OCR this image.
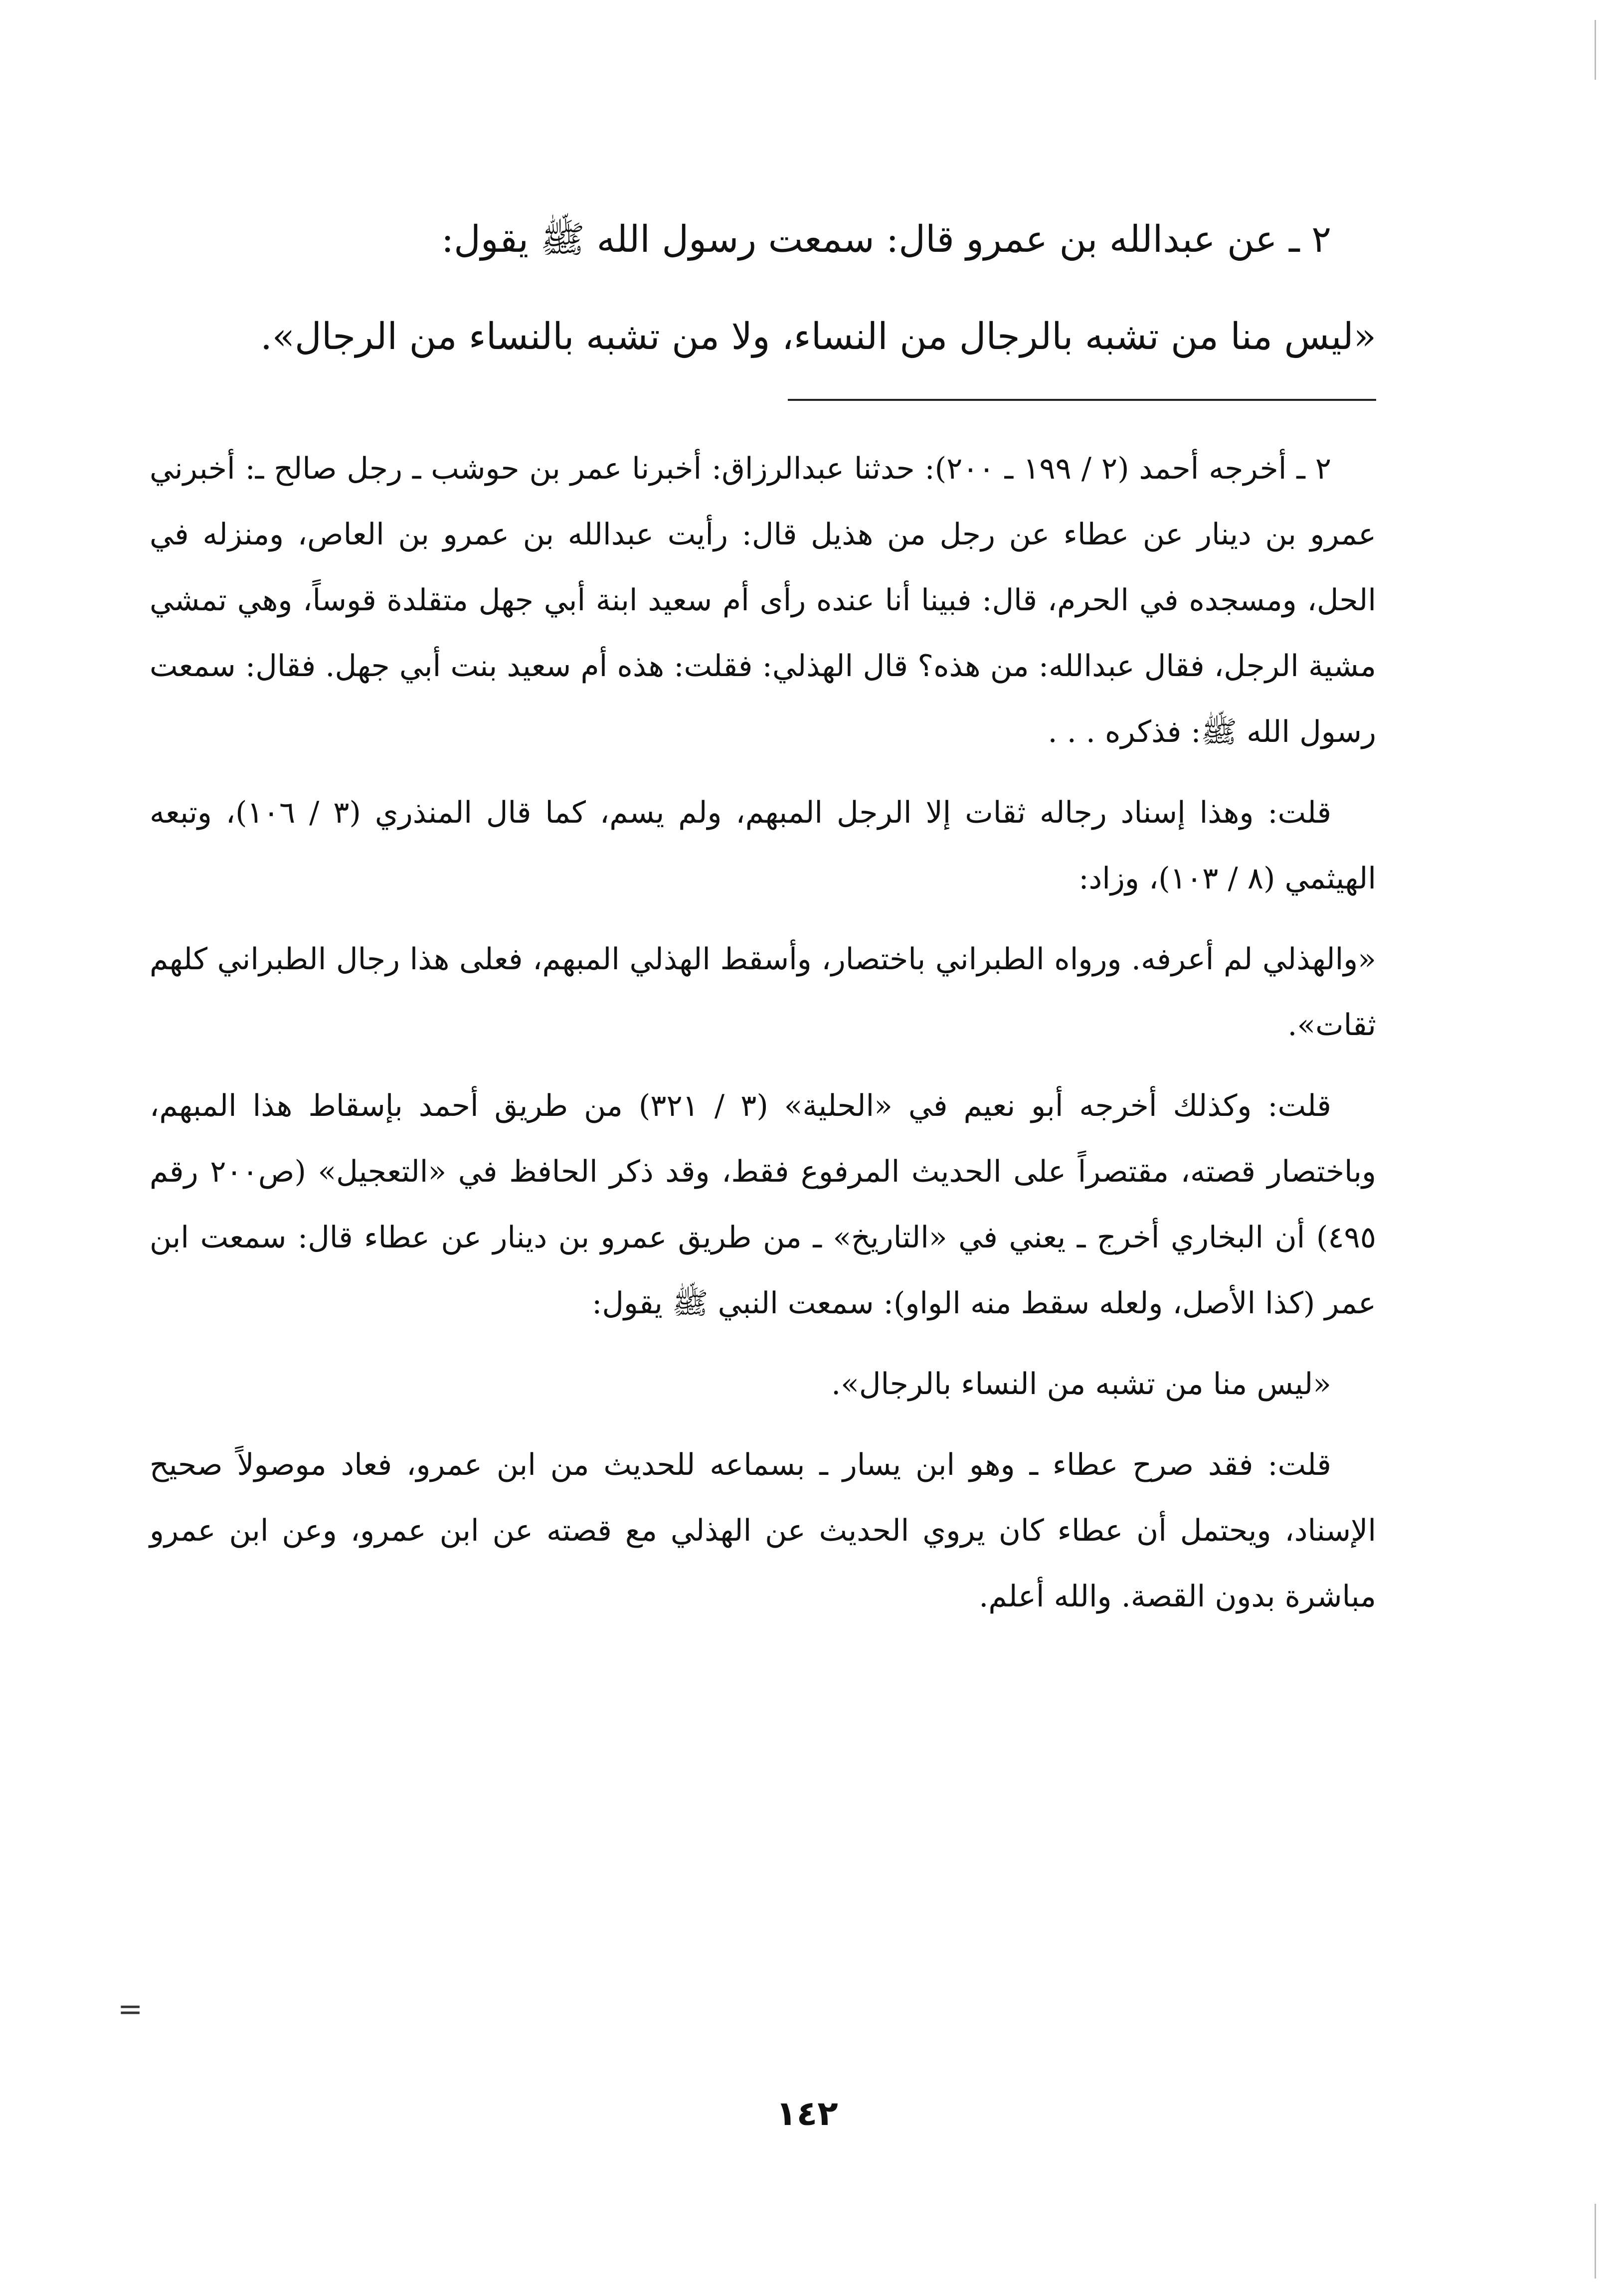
٢ ـ عن عبدالله بن عمرو قال: سمعت رسول الله ﷺ يقول:

«ليس منا من تشبه بالرجال من النساء، ولا من تشبه بالنساء من الرجال».

٢ ـ أخرجه أحمد (٢ / ١٩٩ ـ ٢٠٠): حدثنا عبدالرزاق: أخبرنا عمر بن حوشب ـ رجل صالح ـ: أخبرني عمرو بن دينار عن عطاء عن رجل من هذيل قال: رأيت عبدالله بن عمرو بن العاص، ومنزله في الحل، ومسجده في الحرم، قال: فبينا أنا عنده رأى أم سعيد ابنة أبي جهل متقلدة قوساً، وهي تمشي مشية الرجل، فقال عبدالله: من هذه؟ قال الهذلي: فقلت: هذه أم سعيد بنت أبي جهل. فقال: سمعت رسول الله ﷺ: فذكره . . .

قلت: وهذا إسناد رجاله ثقات إلا الرجل المبهم، ولم يسم، كما قال المنذري (٣ / ١٠٦)، وتبعه الهيثمي (٨ / ١٠٣)، وزاد:

«والهذلي لم أعرفه. ورواه الطبراني باختصار، وأسقط الهذلي المبهم، فعلى هذا رجال الطبراني كلهم ثقات».

قلت: وكذلك أخرجه أبو نعيم في «الحلية» (٣ / ٣٢١) من طريق أحمد بإسقاط هذا المبهم، وباختصار قصته، مقتصراً على الحديث المرفوع فقط، وقد ذكر الحافظ في «التعجيل» (ص٢٠٠ رقم ٤٩٥) أن البخاري أخرج ـ يعني في «التاريخ» ـ من طريق عمرو بن دينار عن عطاء قال: سمعت ابن عمر (كذا الأصل، ولعله سقط منه الواو): سمعت النبي ﷺ يقول:

«ليس منا من تشبه من النساء بالرجال».

قلت: فقد صرح عطاء ـ وهو ابن يسار ـ بسماعه للحديث من ابن عمرو، فعاد موصولاً صحيح الإسناد، ويحتمل أن عطاء كان يروي الحديث عن الهذلي مع قصته عن ابن عمرو، وعن ابن عمرو مباشرة بدون القصة. والله أعلم.

=
١٤٢
